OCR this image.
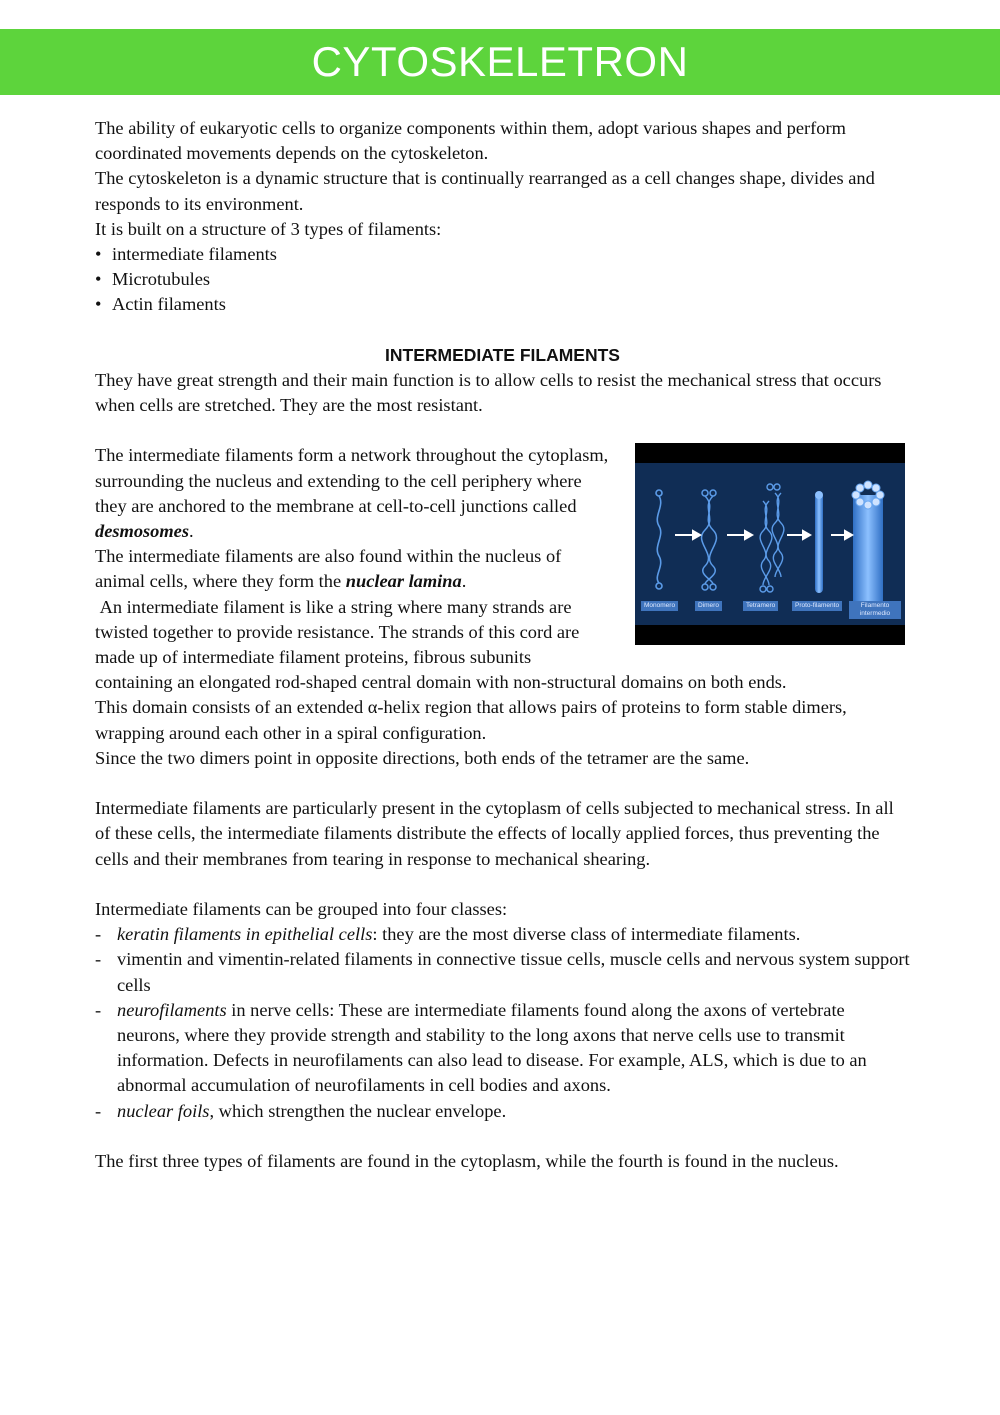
CYTOSKELETRON

The ability of eukaryotic cells to organize components within them, adopt various shapes and perform coordinated movements depends on the cytoskeleton.

The cytoskeleton is a dynamic structure that is continually rearranged as a cell changes shape, divides and responds to its environment.

It is built on a structure of 3 types of filaments:

• intermediate filaments
• Microtubules
• Actin filaments
INTERMEDIATE FILAMENTS

They have great strength and their main function is to allow cells to resist the mechanical stress that occurs when cells are stretched. They are the most resistant.

Monomero	Dimero	Tetramero	Proto-filamento	Filamento intermedio

The intermediate filaments form a network throughout the cytoplasm, surrounding the nucleus and extending to the cell periphery where they are anchored to the membrane at cell-to-cell junctions called desmosomes.

The intermediate filaments are also found within the nucleus of animal cells, where they form the nuclear lamina.

An intermediate filament is like a string where many strands are twisted together to provide resistance. The strands of this cord are made up of intermediate filament proteins, fibrous subunits containing an elongated rod-shaped central domain with non-structural domains on both ends.

This domain consists of an extended α-helix region that allows pairs of proteins to form stable dimers, wrapping around each other in a spiral configuration.

Since the two dimers point in opposite directions, both ends of the tetramer are the same.

Intermediate filaments are particularly present in the cytoplasm of cells subjected to mechanical stress. In all of these cells, the intermediate filaments distribute the effects of locally applied forces, thus preventing the cells and their membranes from tearing in response to mechanical shearing.

Intermediate filaments can be grouped into four classes:

- keratin filaments in epithelial cells: they are the most diverse class of intermediate filaments.
- vimentin and vimentin-related filaments in connective tissue cells, muscle cells and nervous system support cells
- neurofilaments in nerve cells: These are intermediate filaments found along the axons of vertebrate neurons, where they provide strength and stability to the long axons that nerve cells use to transmit information. Defects in neurofilaments can also lead to disease. For example, ALS, which is due to an abnormal accumulation of neurofilaments in cell bodies and axons.
- nuclear foils, which strengthen the nuclear envelope.

The first three types of filaments are found in the cytoplasm, while the fourth is found in the nucleus.
